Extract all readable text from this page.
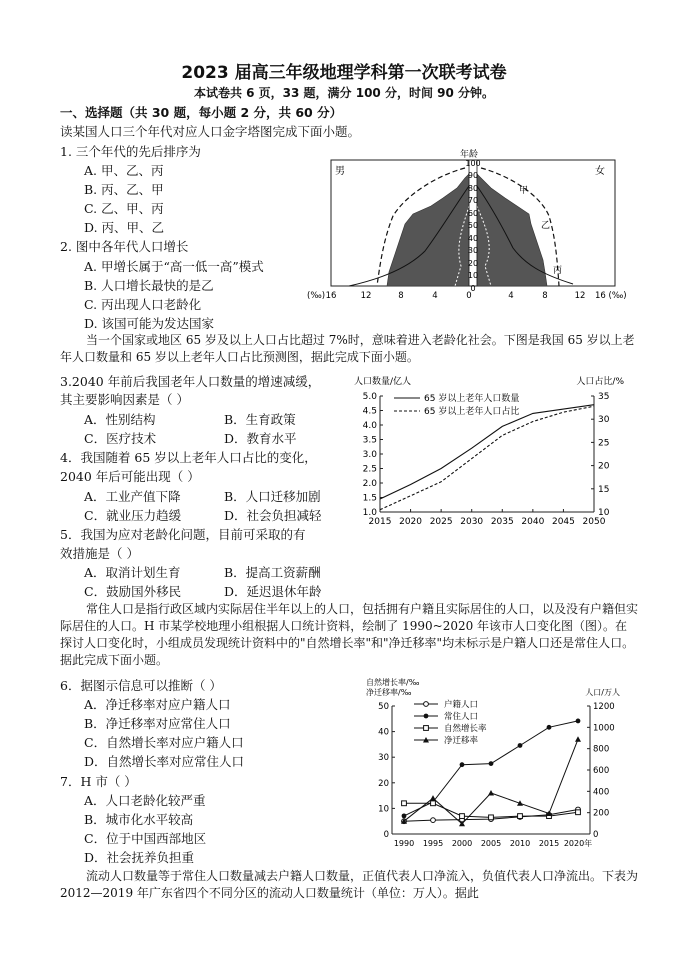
2023 届高三年级地理学科第一次联考试卷
本试卷共 6 页，33 题，满分 100 分，时间 90 分钟。
一、选择题（共 30 题，每小题 2 分，共 60 分）
读某国人口三个年代对应人口金字塔图完成下面小题。
1. 三个年代的先后排序为
A. 甲、乙、丙
B. 丙、乙、甲
C. 乙、甲、丙
D. 丙、甲、乙
2. 图中各年代人口增长
A. 甲增长属于“高一低一高”模式
B. 人口增长最快的是乙
C. 丙出现人口老龄化
D. 该国可能为发达国家
年龄
男	女
100
90
80
70
60
50
40
30
20
10
0
(‰) 16	12	8	4	0	4	8	12 16 (‰)
甲
乙
丙
当一个国家或地区 65 岁及以上人口占比超过 7%时，意味着进入老龄化社会。下图是我国 65 岁以上老年人口数量和 65 岁以上老年人口占比预测图，据此完成下面小题。
3.2040 年前后我国老年人口数量的增速减缓，
其主要影响因素是（ ）
A．性别结构	B．生育政策
C．医疗技术	D．教育水平
4．我国随着 65 岁以上老年人口占比的变化，
2040 年后可能出现（ ）
A．工业产值下降	B．人口迁移加剧
C．就业压力趋缓	D．社会负担减轻
5．我国为应对老龄化问题，目前可采取的有
效措施是（ ）
A．取消计划生育	B．提高工资薪酬
C．鼓励国外移民	D．延迟退休年龄
人口数量/亿人	人口占比/%
1.0
1.5
2.0
2.5
3.0
3.5
4.0
4.5
5.0
10
15
20
25
30
35
2015 2020 2025 2030 2035 2040 2045 2050
65 岁以上老年人口数量
65 岁以上老年人口占比
常住人口是指行政区域内实际居住半年以上的人口，包括拥有户籍且实际居住的人口，以及没有户籍但实际居住的人口。H 市某学校地理小组根据人口统计资料，绘制了 1990~2020 年该市人口变化图（图）。在探讨人口变化时，小组成员发现统计资料中的"自然增长率"和"净迁移率"均未标示是户籍人口还是常住人口。据此完成下面小题。
6．据图示信息可以推断（ ）
A．净迁移率对应户籍人口
B．净迁移率对应常住人口
C．自然增长率对应户籍人口
D．自然增长率对应常住人口
7．H 市（ ）
A．人口老龄化较严重
B．城市化水平较高
C．位于中国西部地区
D．社会抚养负担重
自然增长率/‰
净迁移率/‰	人口/万人
0
10
20
30
40
50
0
200
400
600
800
1000
1200
1990 1995 2000 2005 2010 2015 2020年
户籍人口
常住人口
自然增长率
净迁移率
流动人口数量等于常住人口数量减去户籍人口数量，正值代表人口净流入，负值代表人口净流出。下表为 2012—2019 年广东省四个不同分区的流动人口数量统计（单位：万人）。据此
